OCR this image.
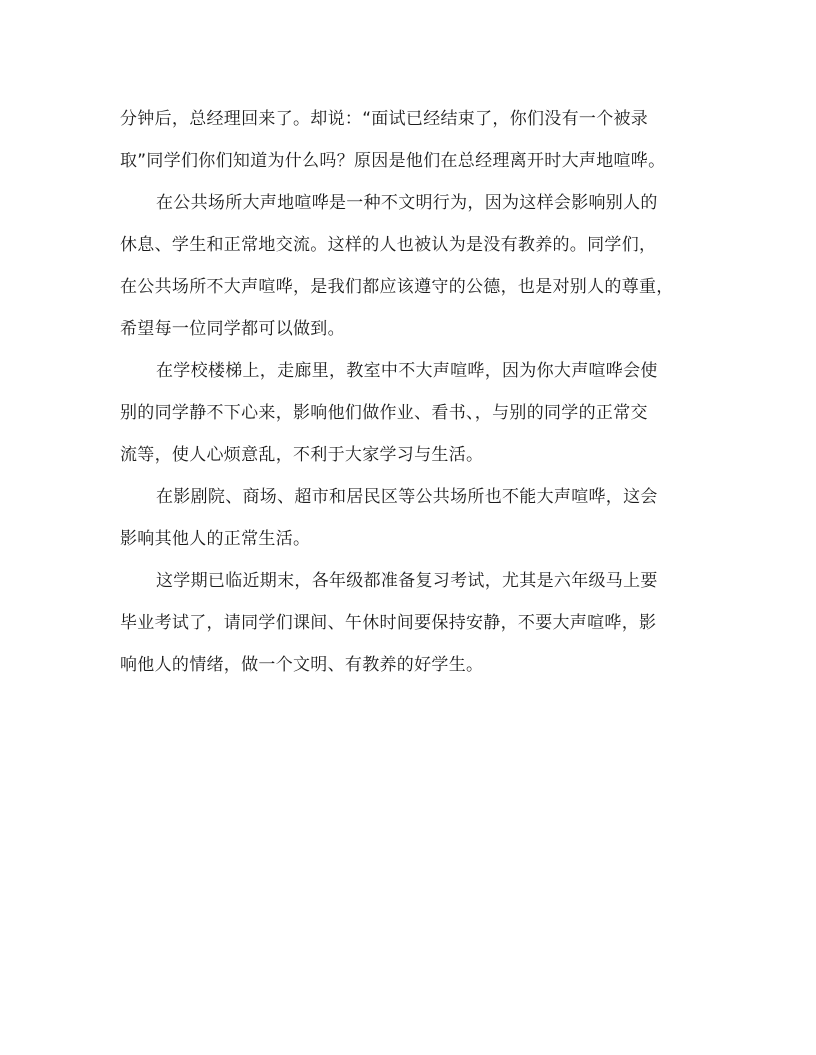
分钟后，总经理回来了。却说：“面试已经结束了，你们没有一个被录
取”同学们你们知道为什么吗？原因是他们在总经理离开时大声地喧哗。
在公共场所大声地喧哗是一种不文明行为，因为这样会影响别人的
休息、学生和正常地交流。这样的人也被认为是没有教养的。同学们，
在公共场所不大声喧哗，是我们都应该遵守的公德，也是对别人的尊重，
希望每一位同学都可以做到。
在学校楼梯上，走廊里，教室中不大声喧哗，因为你大声喧哗会使
别的同学静不下心来，影响他们做作业、看书、，与别的同学的正常交
流等，使人心烦意乱，不利于大家学习与生活。
在影剧院、商场、超市和居民区等公共场所也不能大声喧哗，这会
影响其他人的正常生活。
这学期已临近期末，各年级都准备复习考试，尤其是六年级马上要
毕业考试了，请同学们课间、午休时间要保持安静，不要大声喧哗，影
响他人的情绪，做一个文明、有教养的好学生。
